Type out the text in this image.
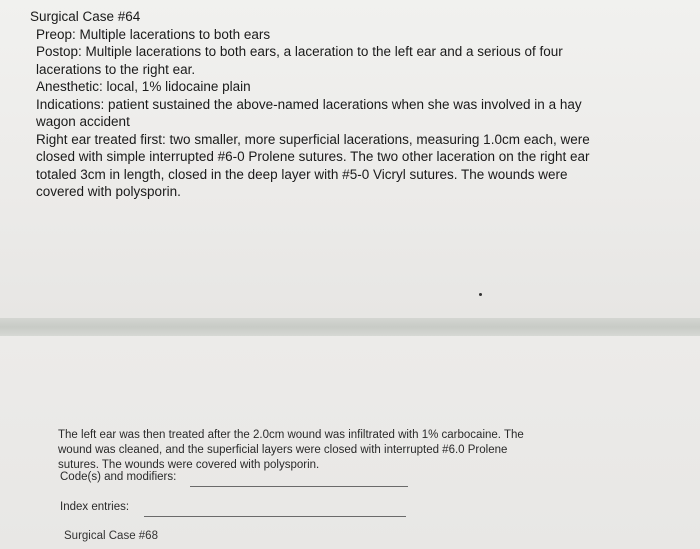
Surgical Case #64

Preop: Multiple lacerations to both ears

Postop: Multiple lacerations to both ears, a laceration to the left ear and a serious of four

lacerations to the right ear.

Anesthetic: local, 1% lidocaine plain

Indications: patient sustained the above-named lacerations when she was involved in a hay

wagon accident

Right ear treated first: two smaller, more superficial lacerations, measuring 1.0cm each, were

closed with simple interrupted #6-0 Prolene sutures. The two other laceration on the right ear

totaled 3cm in length, closed in the deep layer with #5-0 Vicryl sutures. The wounds were

covered with polysporin.

The left ear was then treated after the 2.0cm wound was infiltrated with 1% carbocaine. The

wound was cleaned, and the superficial layers were closed with interrupted #6.0 Prolene

sutures. The wounds were covered with polysporin.

Code(s) and modifiers:
Index entries:
Surgical Case #68
